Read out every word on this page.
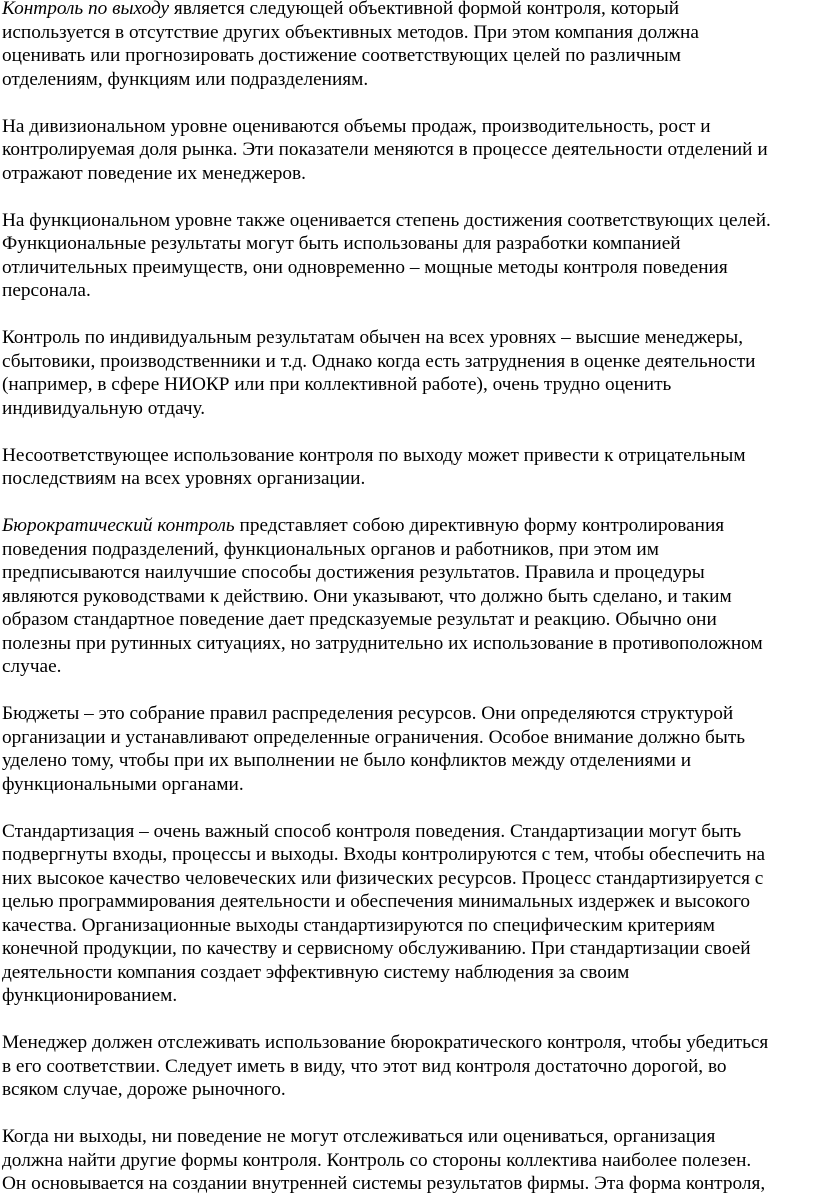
Контроль по выходу является следующей объективной формой контроля, который
используется в отсутствие других объективных методов. При этом компания должна
оценивать или прогнозировать достижение соответствующих целей по различным
отделениям, функциям или подразделениям.

На дивизиональном уровне оцениваются объемы продаж, производительность, рост и
контролируемая доля рынка. Эти показатели меняются в процессе деятельности отделений и
отражают поведение их менеджеров.

На функциональном уровне также оценивается степень достижения соответствующих целей.
Функциональные результаты могут быть использованы для разработки компанией
отличительных преимуществ, они одновременно – мощные методы контроля поведения
персонала.

Контроль по индивидуальным результатам обычен на всех уровнях – высшие менеджеры,
сбытовики, производственники и т.д. Однако когда есть затруднения в оценке деятельности
(например, в сфере НИОКР или при коллективной работе), очень трудно оценить
индивидуальную отдачу.

Несоответствующее использование контроля по выходу может привести к отрицательным
последствиям на всех уровнях организации.

Бюрократический контроль представляет собою директивную форму контролирования
поведения подразделений, функциональных органов и работников, при этом им
предписываются наилучшие способы достижения результатов. Правила и процедуры
являются руководствами к действию. Они указывают, что должно быть сделано, и таким
образом стандартное поведение дает предсказуемые результат и реакцию. Обычно они
полезны при рутинных ситуациях, но затруднительно их использование в противоположном
случае.

Бюджеты – это собрание правил распределения ресурсов. Они определяются структурой
организации и устанавливают определенные ограничения. Особое внимание должно быть
уделено тому, чтобы при их выполнении не было конфликтов между отделениями и
функциональными органами.

Стандартизация – очень важный способ контроля поведения. Стандартизации могут быть
подвергнуты входы, процессы и выходы. Входы контролируются с тем, чтобы обеспечить на
них высокое качество человеческих или физических ресурсов. Процесс стандартизируется с
целью программирования деятельности и обеспечения минимальных издержек и высокого
качества. Организационные выходы стандартизируются по специфическим критериям
конечной продукции, по качеству и сервисному обслуживанию. При стандартизации своей
деятельности компания создает эффективную систему наблюдения за своим
функционированием.

Менеджер должен отслеживать использование бюрократического контроля, чтобы убедиться
в его соответствии. Следует иметь в виду, что этот вид контроля достаточно дорогой, во
всяком случае, дороже рыночного.

Когда ни выходы, ни поведение не могут отслеживаться или оцениваться, организация
должна найти другие формы контроля. Контроль со стороны коллектива наиболее полезен.
Он основывается на создании внутренней системы результатов фирмы. Эта форма контроля,
